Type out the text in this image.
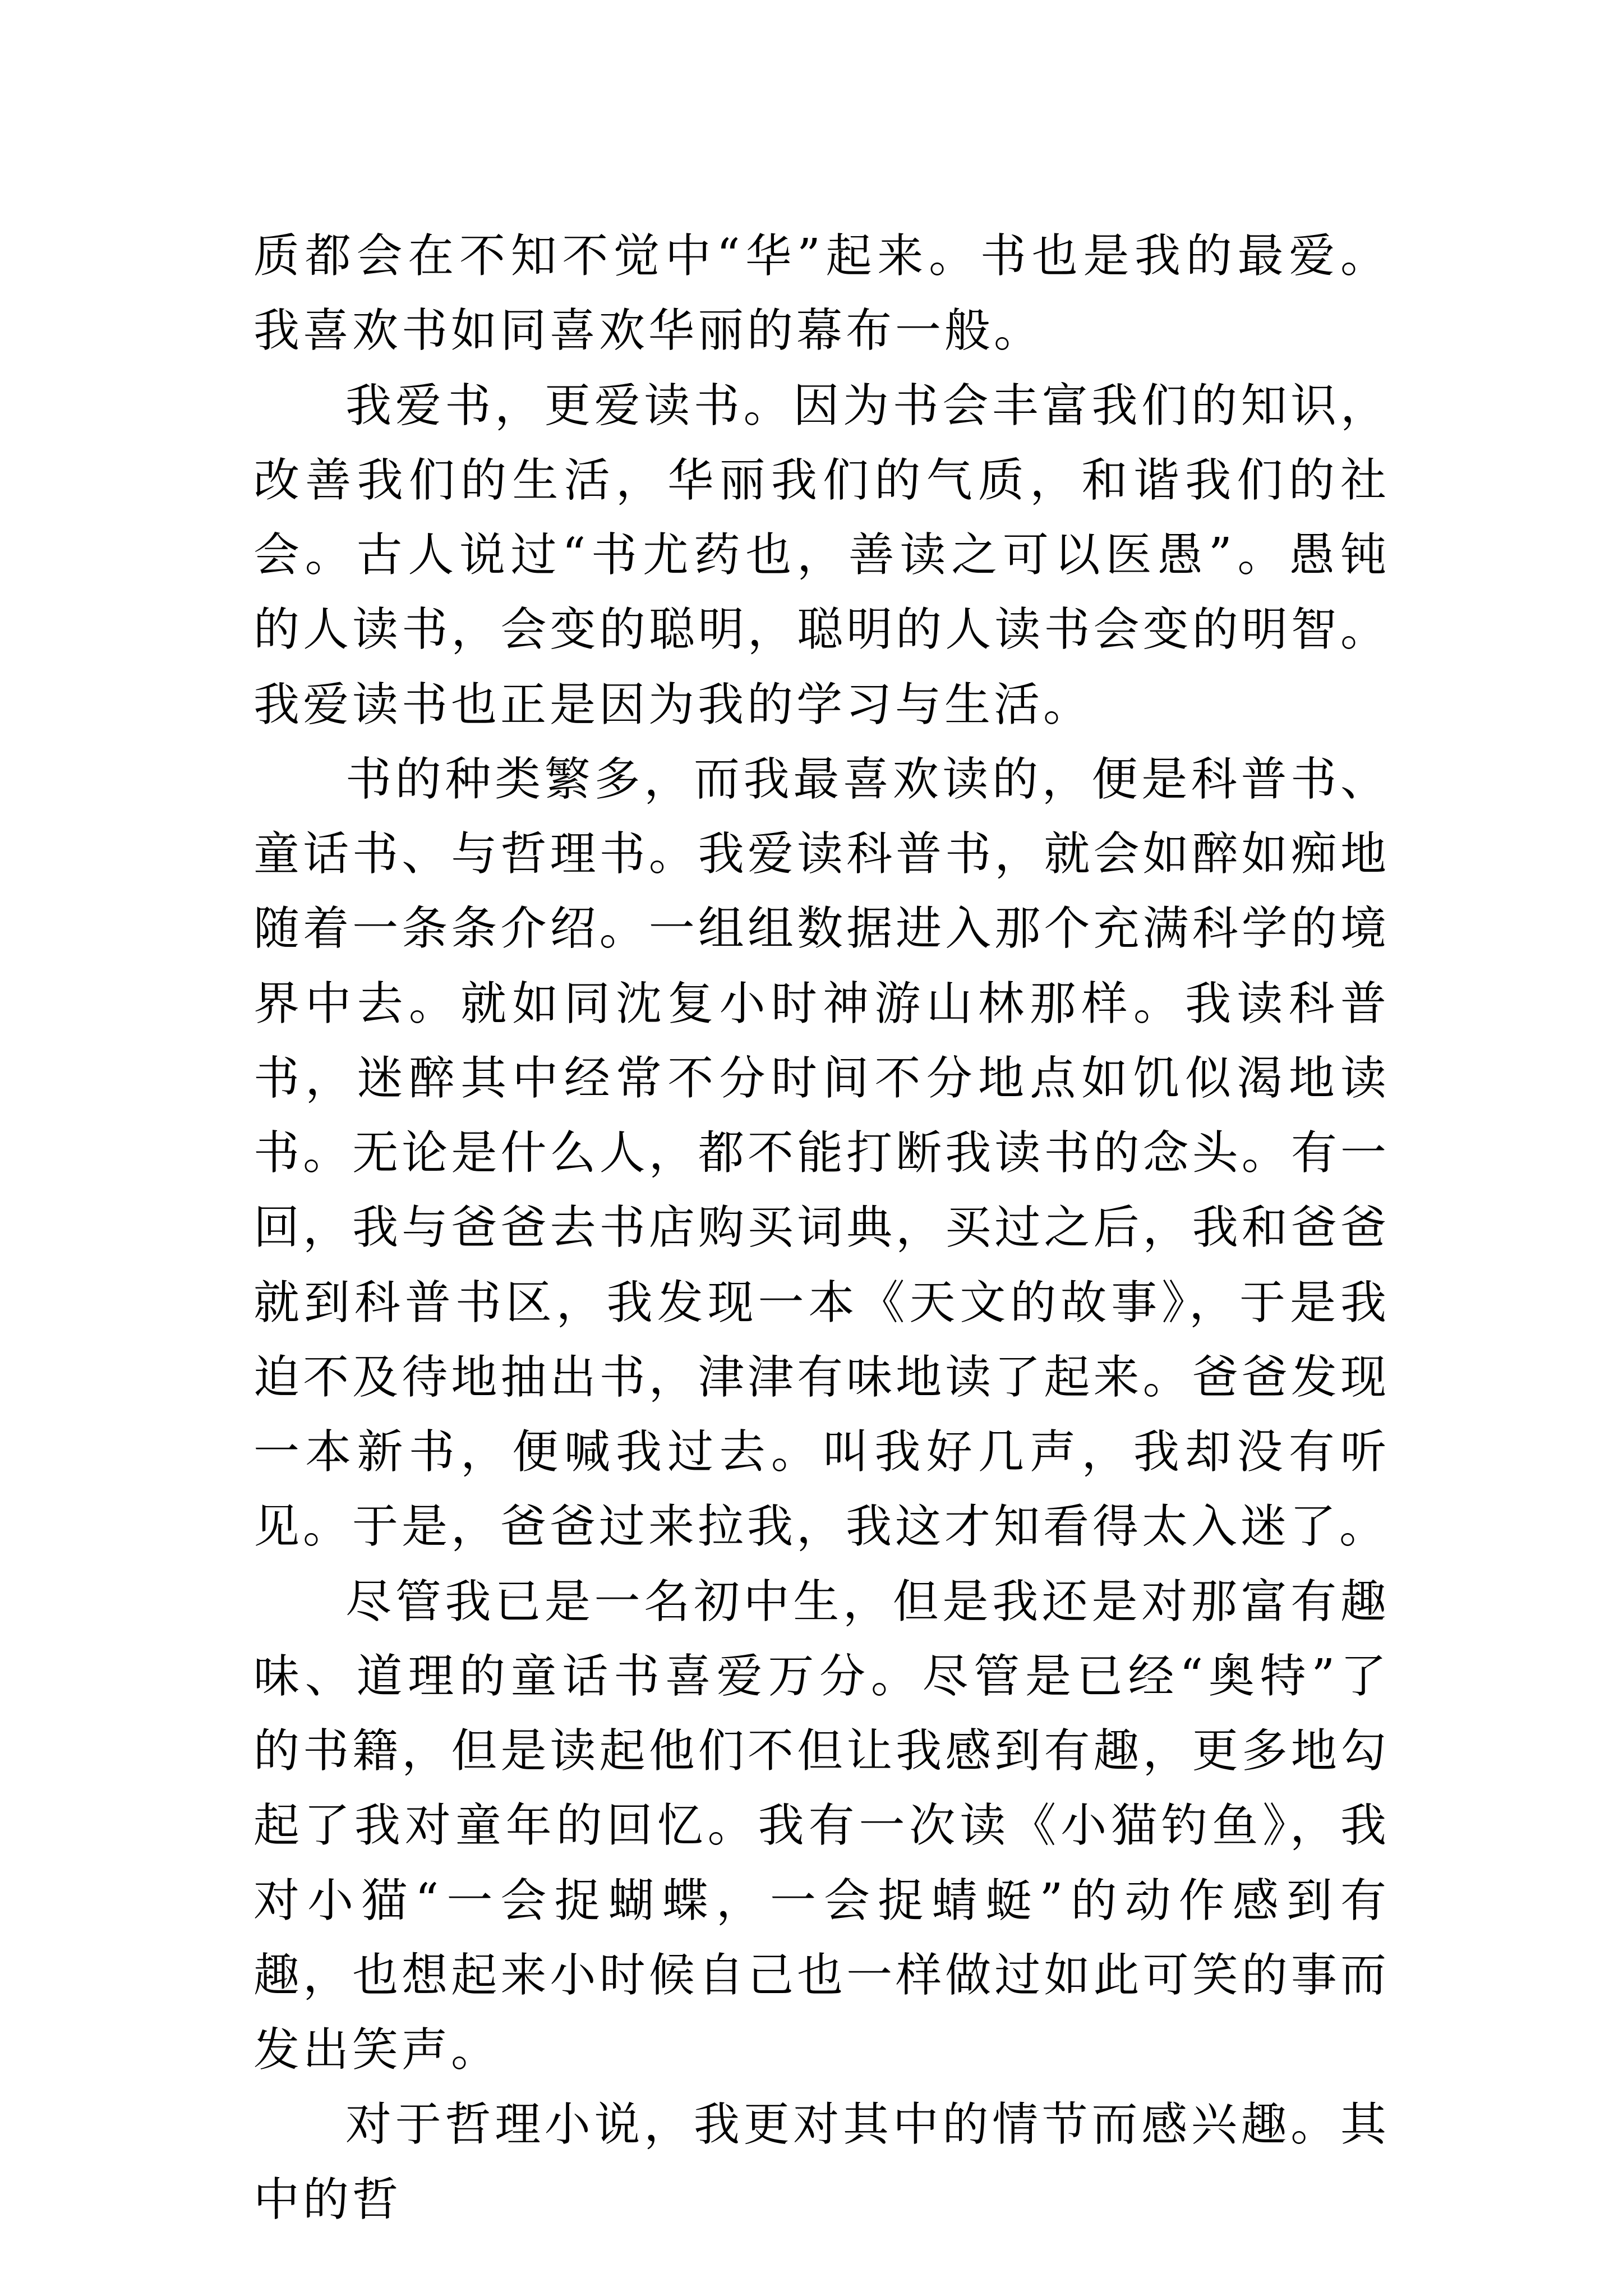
质都会在不知不觉中“华”起来。书也是我的最爱。我喜欢书如同喜欢华丽的幕布一般。

我爱书，更爱读书。因为书会丰富我们的知识，改善我们的生活，华丽我们的气质，和谐我们的社会。古人说过“书尤药也，善读之可以医愚”。愚钝的人读书，会变的聪明，聪明的人读书会变的明智。我爱读书也正是因为我的学习与生活。

书的种类繁多，而我最喜欢读的，便是科普书、童话书、与哲理书。我爱读科普书，就会如醉如痴地随着一条条介绍。一组组数据进入那个充满科学的境界中去。就如同沈复小时神游山林那样。我读科普书，迷醉其中经常不分时间不分地点如饥似渴地读书。无论是什么人，都不能打断我读书的念头。有一回，我与爸爸去书店购买词典，买过之后，我和爸爸就到科普书区，我发现一本《天文的故事》，于是我迫不及待地抽出书，津津有味地读了起来。爸爸发现一本新书，便喊我过去。叫我好几声，我却没有听见。于是，爸爸过来拉我，我这才知看得太入迷了。

尽管我已是一名初中生，但是我还是对那富有趣味、道理的童话书喜爱万分。尽管是已经“奥特”了的书籍，但是读起他们不但让我感到有趣，更多地勾起了我对童年的回忆。我有一次读《小猫钓鱼》，我对小猫“一会捉蝴蝶，一会捉蜻蜓”的动作感到有趣，也想起来小时候自己也一样做过如此可笑的事而发出笑声。

对于哲理小说，我更对其中的情节而感兴趣。其中的哲
